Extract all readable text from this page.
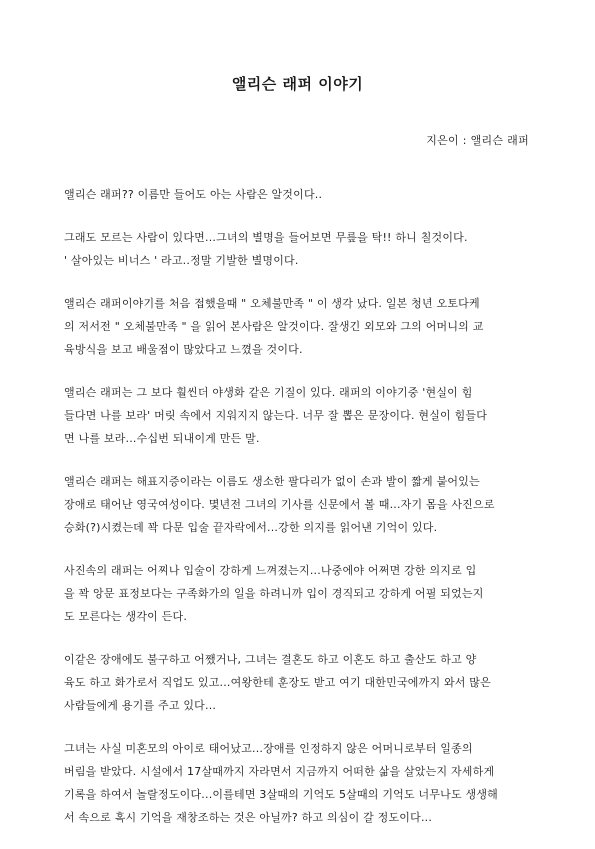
앨리슨 래퍼 이야기
지은이 : 앨리슨 래퍼
앨리슨 래퍼?? 이름만 들어도 아는 사람은 알것이다..
그래도 모르는 사람이 있다면...그녀의 별명을 들어보면 무릎을 탁!! 하니 칠것이다.
' 살아있는 비너스 ' 라고..정말 기발한 별명이다.
앨리슨 래퍼이야기를 처음 접했을때 " 오체불만족 " 이 생각 났다. 일본 청년 오토다케
의 저서전 " 오체불만족 " 을 읽어 본사람은 알것이다. 잘생긴 외모와 그의 어머니의 교
육방식을 보고 배울점이 많았다고 느꼈을 것이다.
앨리슨 래퍼는 그 보다 훨씬더 야생화 같은 기질이 있다. 래퍼의 이야기중 '현실이 힘
들다면 나를 보라' 머릿 속에서 지워지지 않는다. 너무 잘 뽑은 문장이다. 현실이 힘들다
면 나를 보라...수십번 되내이게 만든 말.
앨리슨 래퍼는 해표지증이라는 이름도 생소한 팔다리가 없이 손과 발이 짧게 붙어있는
장애로 태어난 영국여성이다. 몇년전 그녀의 기사를 신문에서 볼 때...자기 몸을 사진으로
승화(?)시켰는데 꽉 다문 입술 끝자락에서...강한 의지를 읽어낸 기억이 있다.
사진속의 래퍼는 어찌나 입술이 강하게 느껴졌는지...나중에야 어쩌면 강한 의지로 입
을 꽉 앙문 표정보다는 구족화가의 일을 하려니까 입이 경직되고 강하게 어필 되었는지
도 모른다는 생각이 든다.
이같은 장애에도 불구하고 어쨌거나, 그녀는 결혼도 하고 이혼도 하고 출산도 하고 양
육도 하고 화가로서 직업도 있고...여왕한테 훈장도 받고 여기 대한민국에까지 와서 많은
사람들에게 용기를 주고 있다...
그녀는 사실 미혼모의 아이로 태어났고...장애를 인정하지 않은 어머니로부터 일종의
버림을 받았다. 시설에서 17살때까지 자라면서 지금까지 어떠한 삶을 살았는지 자세하게
기록을 하여서 놀랄정도이다...이를테면 3살때의 기억도 5살때의 기억도 너무나도 생생해
서 속으로 혹시 기억을 재창조하는 것은 아닐까? 하고 의심이 갈 정도이다...
